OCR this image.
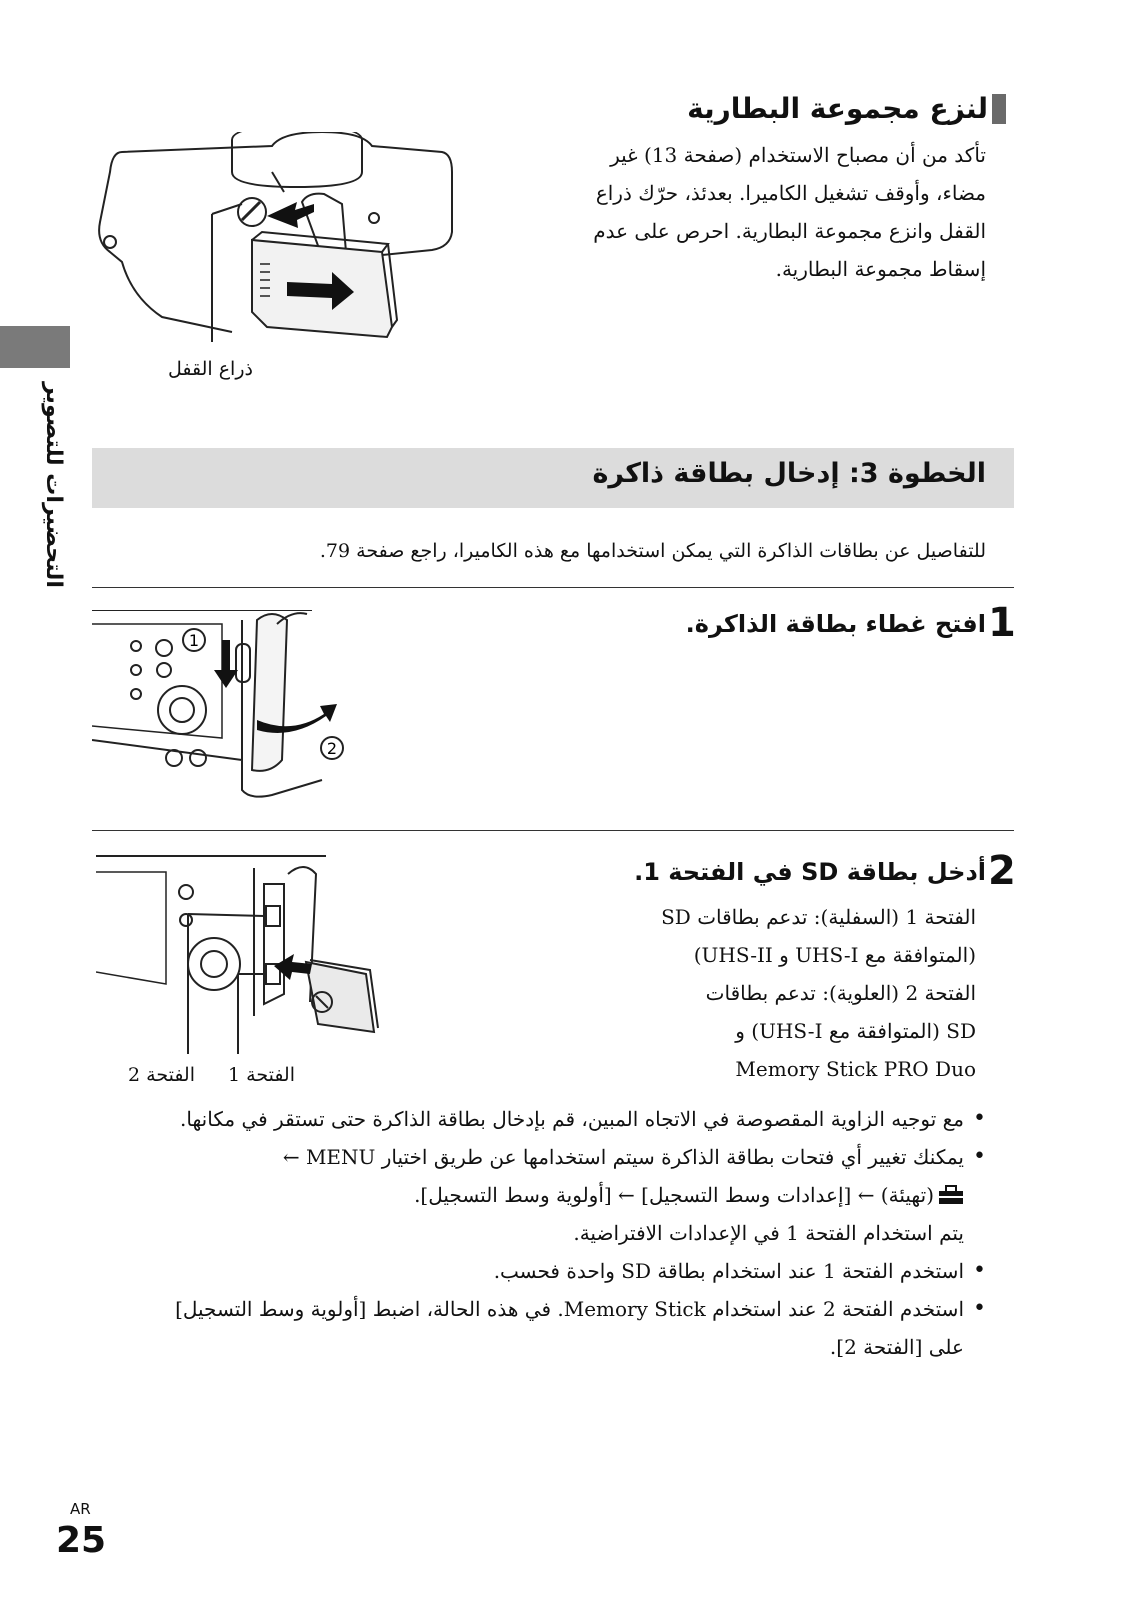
التحضيرات للتصوير
لنزع مجموعة البطارية
تأكد من أن مصباح الاستخدام (صفحة 13) غير
مضاء، وأوقف تشغيل الكاميرا. بعدئذ، حرّك ذراع
القفل وانزع مجموعة البطارية. احرص على عدم
إسقاط مجموعة البطارية.
ذراع القفل
الخطوة 3: إدخال بطاقة ذاكرة
للتفاصيل عن بطاقات الذاكرة التي يمكن استخدامها مع هذه الكاميرا، راجع صفحة 79.
1
افتح غطاء بطاقة الذاكرة.
1
2
2
أدخل بطاقة SD في الفتحة 1.
الفتحة 1 (السفلية): تدعم بطاقات SD
(المتوافقة مع UHS-I و UHS-II)
الفتحة 2 (العلوية): تدعم بطاقات
SD (المتوافقة مع UHS-I) و
Memory Stick PRO Duo
الفتحة 1
الفتحة 2
• مع توجيه الزاوية المقصوصة في الاتجاه المبين، قم بإدخال بطاقة الذاكرة حتى تستقر في مكانها.
• يمكنك تغيير أي فتحات بطاقة الذاكرة سيتم استخدامها عن طريق اختيار MENU ←
(تهيئة) ← [إعدادات وسط التسجيل] ← [أولوية وسط التسجيل].
يتم استخدام الفتحة 1 في الإعدادات الافتراضية.
• استخدم الفتحة 1 عند استخدام بطاقة SD واحدة فحسب.
• استخدم الفتحة 2 عند استخدام Memory Stick. في هذه الحالة، اضبط [أولوية وسط التسجيل]
على [الفتحة 2].
AR
25
